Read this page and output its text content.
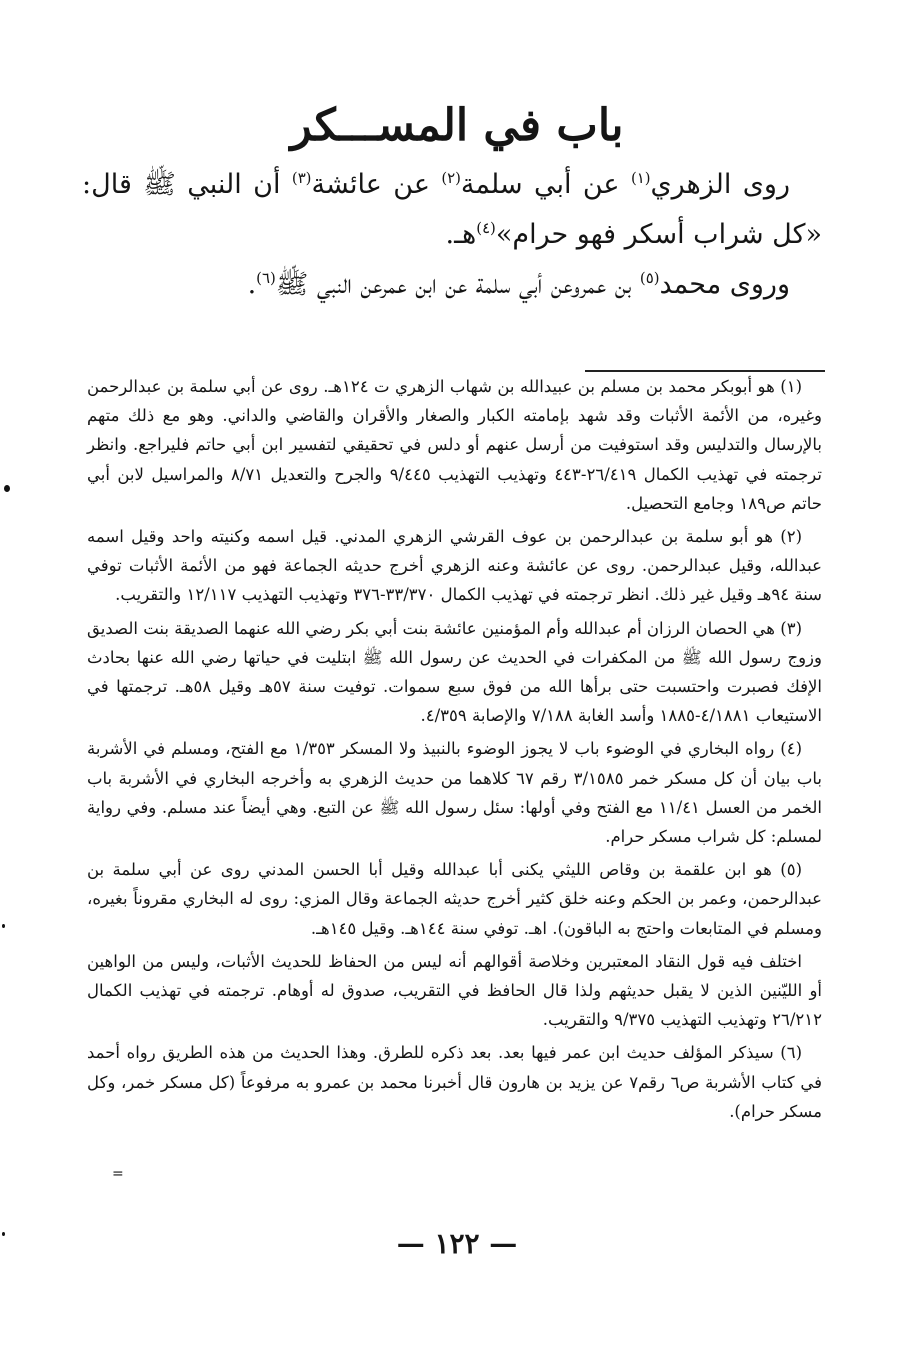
باب في المســـكر

روى الزهري$^{(١)}$ عن أبي سلمة$^{(٢)}$ عن عائشة$^{(٣)}$ أن النبي ﷺ قال: «كل شراب أسكر فهو حرام»$^{(٤)}$هـ.

وروى محمد$^{(٥)}$ بن عمروعن أبي سلمة عن ابن عمرعن النبي ﷺ$^{(٦)}$.

(١) هو أبوبكر محمد بن مسلم بن عبيدالله بن شهاب الزهري ت ١٢٤هـ. روى عن أبي سلمة بن عبدالرحمن وغيره، من الأئمة الأثبات وقد شهد بإمامته الكبار والصغار والأقران والقاضي والداني. وهو مع ذلك متهم بالإرسال والتدليس وقد استوفيت من أرسل عنهم أو دلس في تحقيقي لتفسير ابن أبي حاتم فليراجع. وانظر ترجمته في تهذيب الكمال ٢٦/٤١٩-٤٤٣ وتهذيب التهذيب ٩/٤٤٥ والجرح والتعديل ٨/٧١ والمراسيل لابن أبي حاتم ص١٨٩ وجامع التحصيل.

(٢) هو أبو سلمة بن عبدالرحمن بن عوف القرشي الزهري المدني. قيل اسمه وكنيته واحد وقيل اسمه عبدالله، وقيل عبدالرحمن. روى عن عائشة وعنه الزهري أخرج حديثه الجماعة فهو من الأئمة الأثبات توفي سنة ٩٤هـ وقيل غير ذلك. انظر ترجمته في تهذيب الكمال ٣٣/٣٧٠-٣٧٦ وتهذيب التهذيب ١٢/١١٧ والتقريب.

(٣) هي الحصان الرزان أم عبدالله وأم المؤمنين عائشة بنت أبي بكر رضي الله عنهما الصديقة بنت الصديق وزوج رسول الله ﷺ من المكفرات في الحديث عن رسول الله ﷺ ابتليت في حياتها رضي الله عنها بحادث الإفك فصبرت واحتسبت حتى برأها الله من فوق سبع سموات. توفيت سنة ٥٧هـ وقيل ٥٨هـ. ترجمتها في الاستيعاب ٤/١٨٨١-١٨٨٥ وأسد الغابة ٧/١٨٨ والإصابة ٤/٣٥٩.

(٤) رواه البخاري في الوضوء باب لا يجوز الوضوء بالنبيذ ولا المسكر ١/٣٥٣ مع الفتح، ومسلم في الأشربة باب بيان أن كل مسكر خمر ٣/١٥٨٥ رقم ٦٧ كلاهما من حديث الزهري به وأخرجه البخاري في الأشربة باب الخمر من العسل ١١/٤١ مع الفتح وفي أولها: سئل رسول الله ﷺ عن التبع. وهي أيضاً عند مسلم. وفي رواية لمسلم: كل شراب مسكر حرام.

(٥) هو ابن علقمة بن وقاص الليثي يكنى أبا عبدالله وقيل أبا الحسن المدني روى عن أبي سلمة بن عبدالرحمن، وعمر بن الحكم وعنه خلق كثير أخرج حديثه الجماعة وقال المزي: روى له البخاري مقروناً بغيره، ومسلم في المتابعات واحتج به الباقون). اهـ. توفي سنة ١٤٤هـ. وقيل ١٤٥هـ.

اختلف فيه قول النقاد المعتبرين وخلاصة أقوالهم أنه ليس من الحفاظ للحديث الأثبات، وليس من الواهين أو الليّنين الذين لا يقبل حديثهم ولذا قال الحافظ في التقريب، صدوق له أوهام. ترجمته في تهذيب الكمال ٢٦/٢١٢ وتهذيب التهذيب ٩/٣٧٥ والتقريب.

(٦) سيذكر المؤلف حديث ابن عمر فيها بعد. بعد ذكره للطرق. وهذا الحديث من هذه الطريق رواه أحمد في كتاب الأشربة ص٦ رقم٧ عن يزيد بن هارون قال أخبرنا محمد بن عمرو به مرفوعاً (كل مسكر خمر، وكل مسكر حرام).

=
— ١٢٢ —
